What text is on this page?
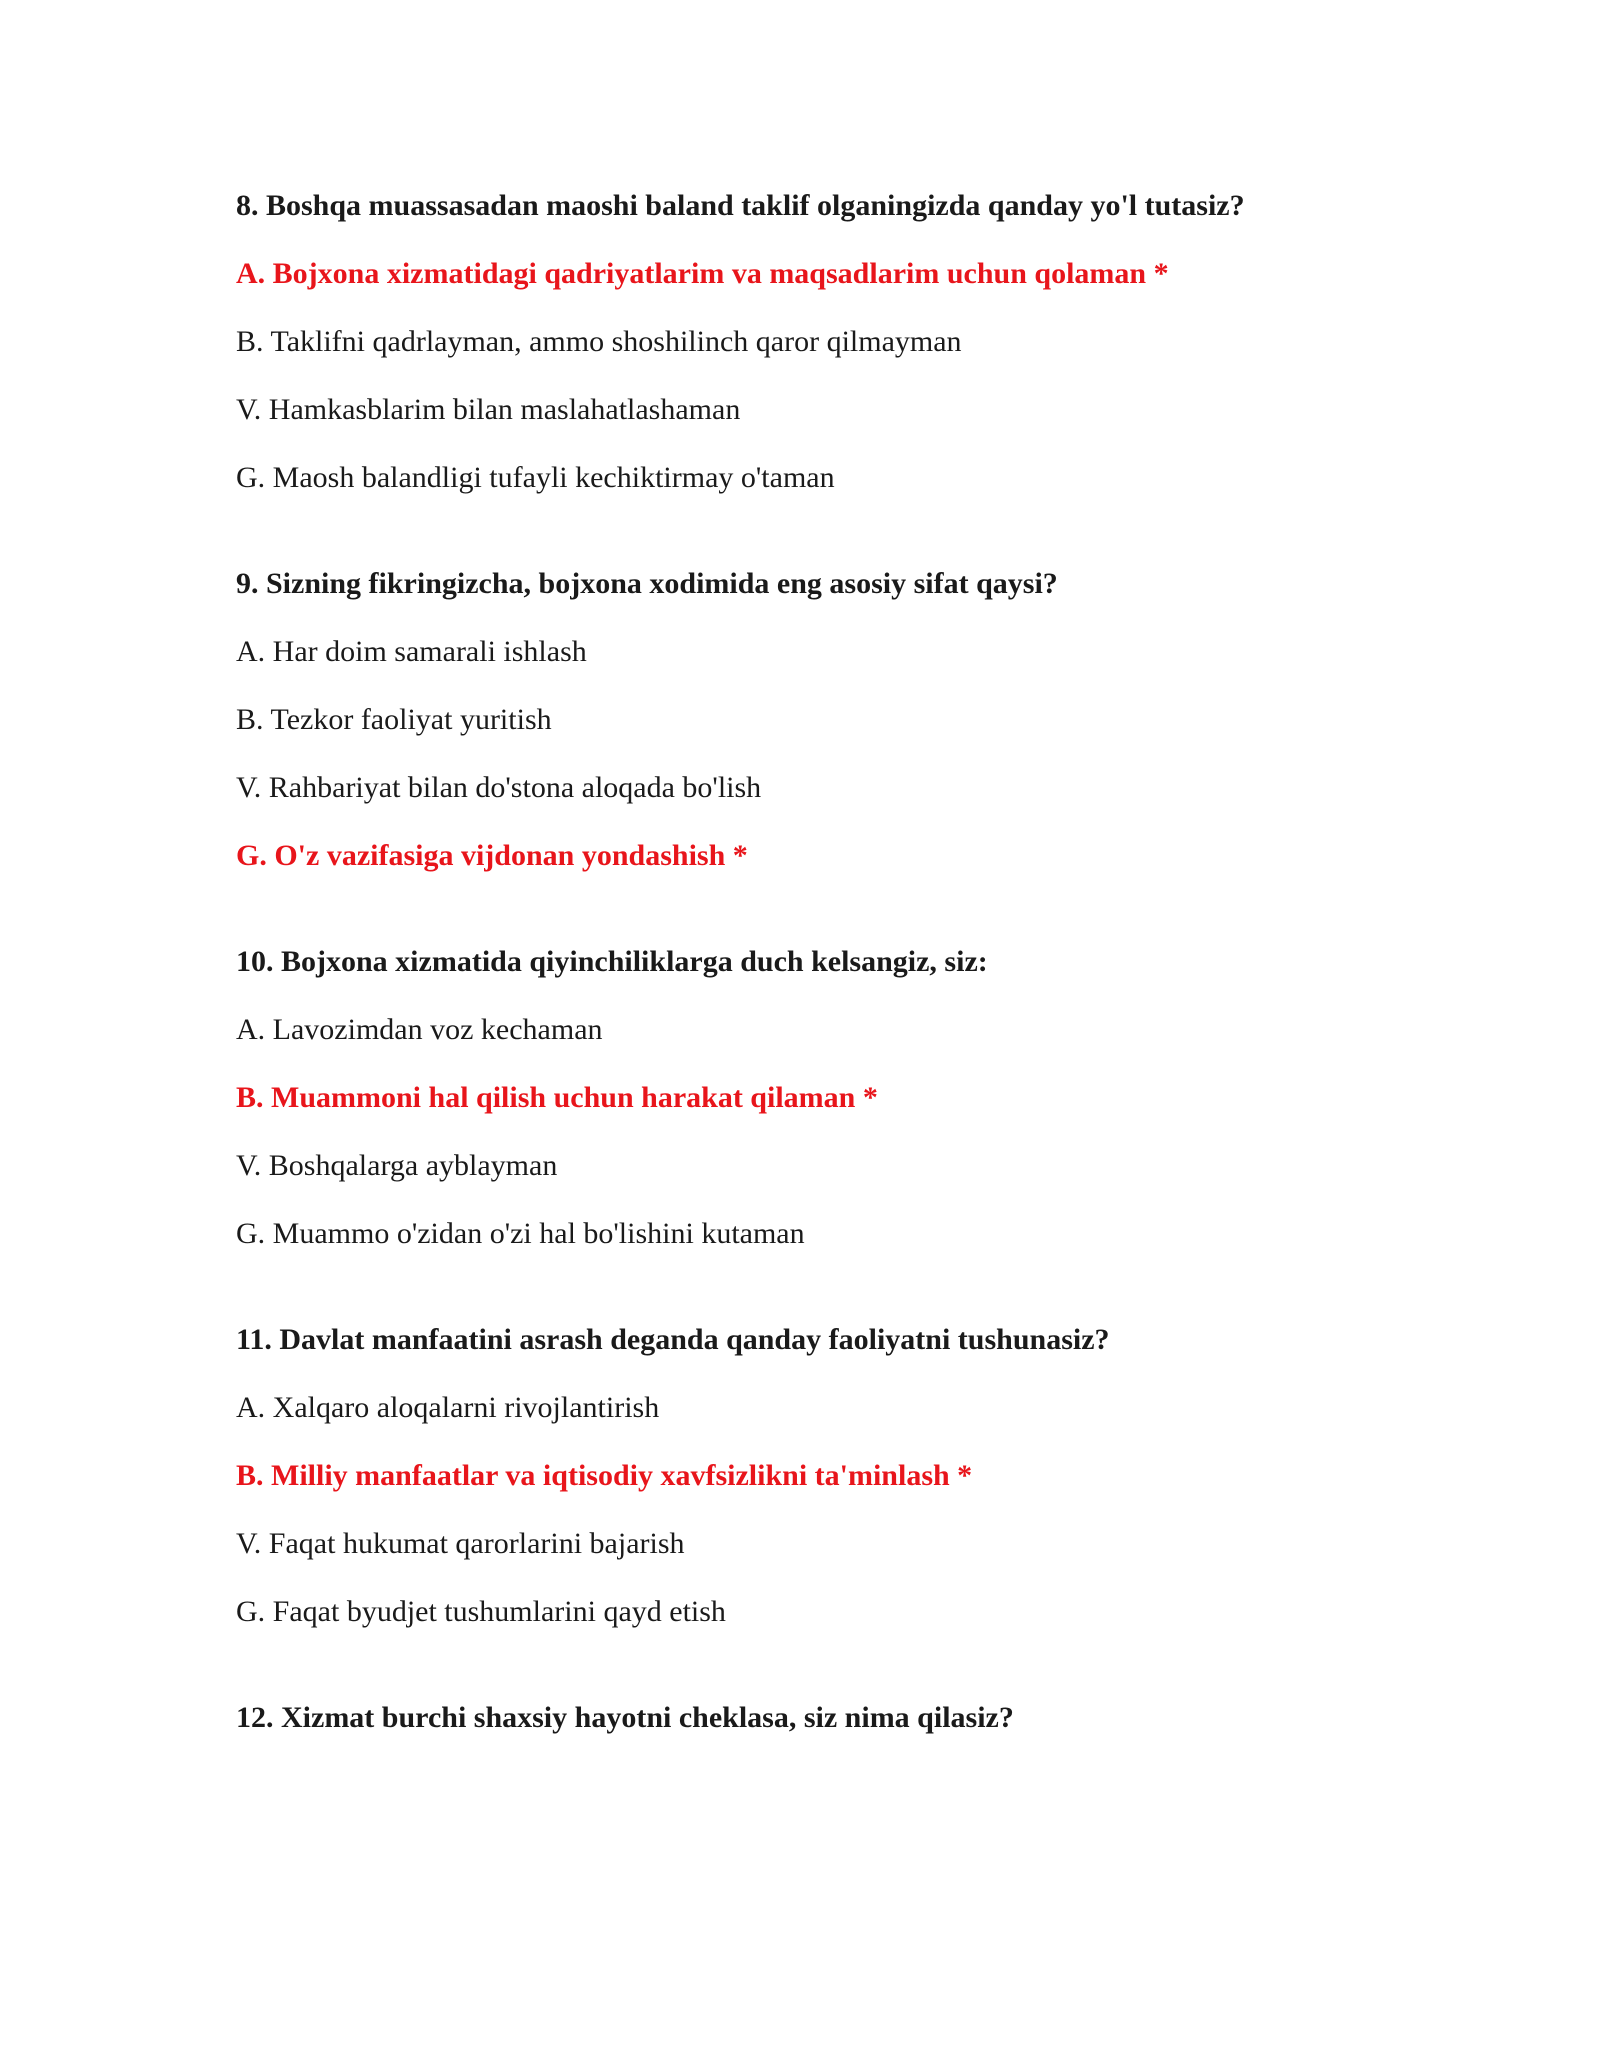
8. Boshqa muassasadan maoshi baland taklif olganingizda qanday yo'l tutasiz?
A. Bojxona xizmatidagi qadriyatlarim va maqsadlarim uchun qolaman *
B. Taklifni qadrlayman, ammo shoshilinch qaror qilmayman
V. Hamkasblarim bilan maslahatlashaman
G. Maosh balandligi tufayli kechiktirmay o'taman
9. Sizning fikringizcha, bojxona xodimida eng asosiy sifat qaysi?
A. Har doim samarali ishlash
B. Tezkor faoliyat yuritish
V. Rahbariyat bilan do'stona aloqada bo'lish
G. O'z vazifasiga vijdonan yondashish *
10. Bojxona xizmatida qiyinchiliklarga duch kelsangiz, siz:
A. Lavozimdan voz kechaman
B. Muammoni hal qilish uchun harakat qilaman *
V. Boshqalarga ayblayman
G. Muammo o'zidan o'zi hal bo'lishini kutaman
11. Davlat manfaatini asrash deganda qanday faoliyatni tushunasiz?
A. Xalqaro aloqalarni rivojlantirish
B. Milliy manfaatlar va iqtisodiy xavfsizlikni ta'minlash *
V. Faqat hukumat qarorlarini bajarish
G. Faqat byudjet tushumlarini qayd etish
12. Xizmat burchi shaxsiy hayotni cheklasa, siz nima qilasiz?
